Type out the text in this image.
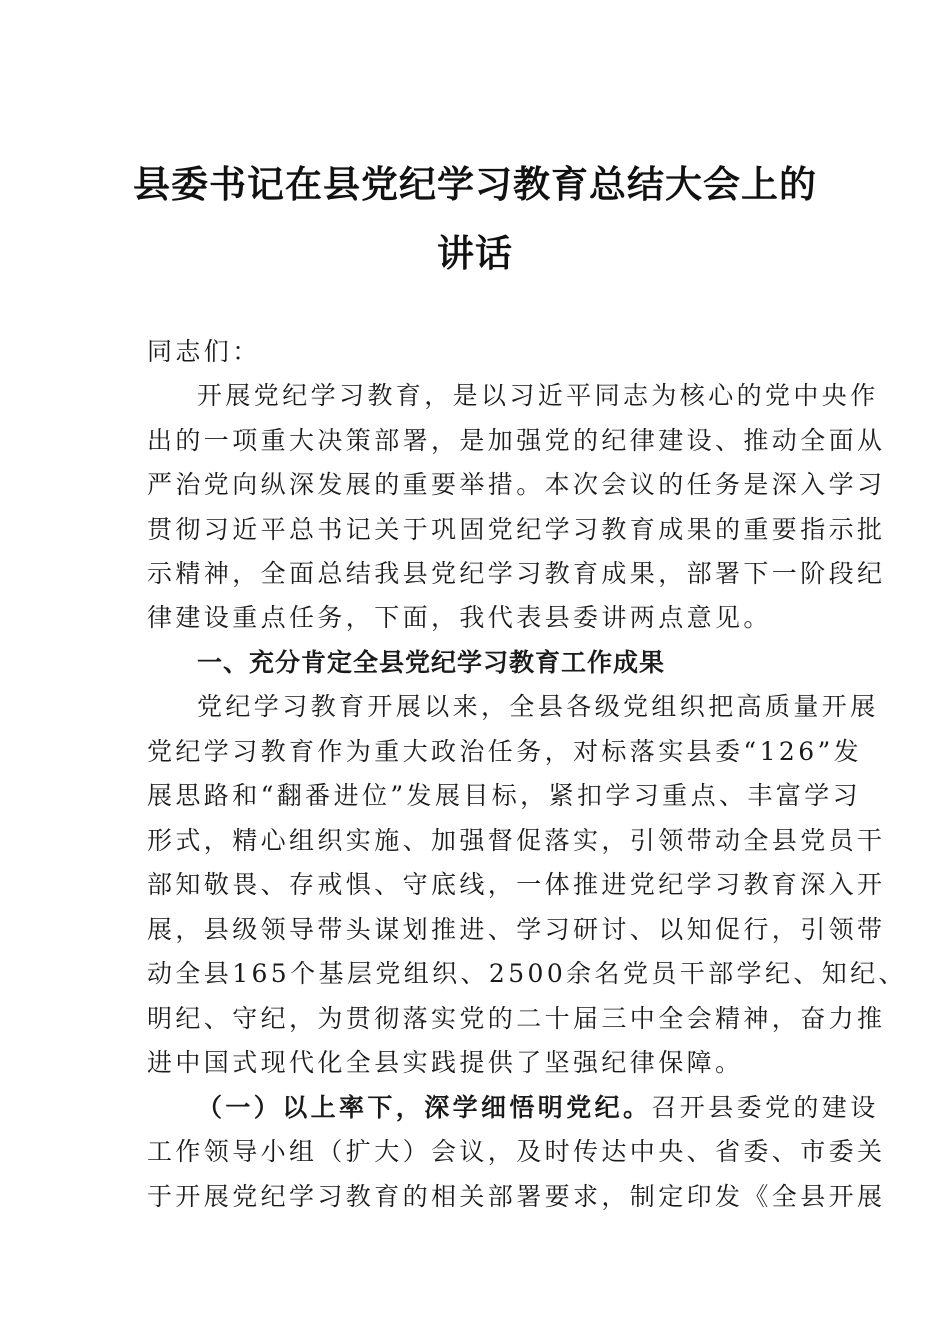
县委书记在县党纪学习教育总结大会上的
讲话
同志们：
开展党纪学习教育，是以习近平同志为核心的党中央作
出的一项重大决策部署，是加强党的纪律建设、推动全面从
严治党向纵深发展的重要举措。本次会议的任务是深入学习
贯彻习近平总书记关于巩固党纪学习教育成果的重要指示批
示精神，全面总结我县党纪学习教育成果，部署下一阶段纪
律建设重点任务，下面，我代表县委讲两点意见。
一、充分肯定全县党纪学习教育工作成果
党纪学习教育开展以来，全县各级党组织把高质量开展
党纪学习教育作为重大政治任务，对标落实县委“126”发
展思路和“翻番进位”发展目标，紧扣学习重点、丰富学习
形式，精心组织实施、加强督促落实，引领带动全县党员干
部知敬畏、存戒惧、守底线，一体推进党纪学习教育深入开
展，县级领导带头谋划推进、学习研讨、以知促行，引领带
动全县165个基层党组织、2500余名党员干部学纪、知纪、
明纪、守纪，为贯彻落实党的二十届三中全会精神，奋力推
进中国式现代化全县实践提供了坚强纪律保障。
（一）以上率下，深学细悟明党纪。召开县委党的建设
工作领导小组（扩大）会议，及时传达中央、省委、市委关
于开展党纪学习教育的相关部署要求，制定印发《全县开展
